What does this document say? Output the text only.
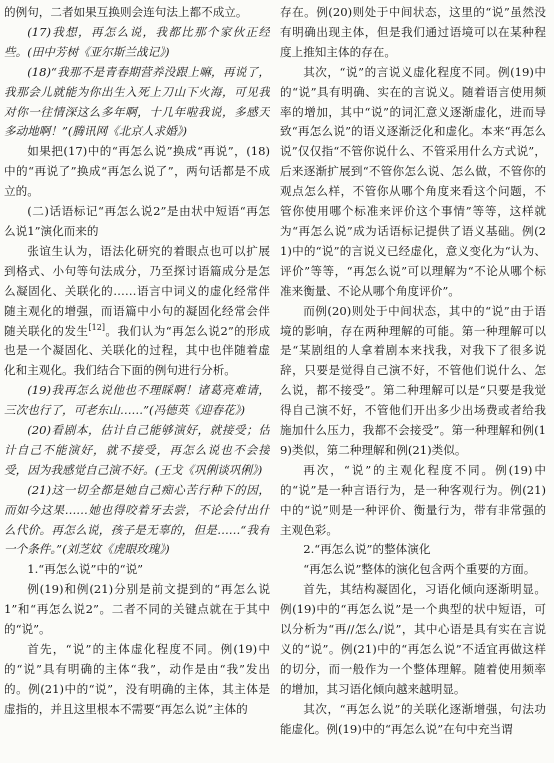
的例句，二者如果互换则会连句法上都不成立。

(17)我想，再怎么说，我都比那个家伙正经些。(田中芳树《亚尔斯兰战记》)

(18)“我那不是青春期营养没跟上嘛，再说了，我那会儿就能为你出生入死上刀山下火海，可见我对你一往情深这么多年啊，十几年啦我说，多感天多动地啊！”(腾讯网《北京人求婚》)

如果把(17)中的“再怎么说”换成“再说”，(18)中的“再说了”换成“再怎么说了”，两句话都是不成立的。

(二)话语标记“再怎么说2”是由状中短语“再怎么说1”演化而来的

张谊生认为，语法化研究的着眼点也可以扩展到格式、小句等句法成分，乃至探讨语篇成分是怎么凝固化、关联化的……语言中词义的虚化经常伴随主观化的增强，而语篇中小句的凝固化经常会伴随关联化的发生[12]。我们认为“再怎么说2”的形成也是一个凝固化、关联化的过程，其中也伴随着虚化和主观化。我们结合下面的例句进行分析。

(19)我再怎么说他也不理睬啊！诸葛亮难请，三次也行了，可老东山……”(冯德英《迎春花》)

(20)看剧本，估计自己能够演好，就接受；估计自己不能演好，就不接受，再怎么说也不会接受，因为我感觉自己演不好。(王戈《巩俐谈巩俐》)

(21)这一切全都是她自己痴心苦行种下的因，而如今这果……她也得咬着牙去尝，不论会付出什么代价。再怎么说，孩子是无辜的，但是……“我有一个条件。”(刘芝妏《虎眼玫瑰》)

1.“再怎么说”中的“说”

例(19)和例(21)分别是前文提到的“再怎么说1”和“再怎么说2”。二者不同的关键点就在于其中的“说”。

首先，“说”的主体虚化程度不同。例(19)中的“说”具有明确的主体“我”，动作是由“我”发出的。例(21)中的“说”，没有明确的主体，其主体是虚指的，并且这里根本不需要“再怎么说”主体的

存在。例(20)则处于中间状态，这里的“说”虽然没有明确出现主体，但是我们通过语境可以在某种程度上推知主体的存在。

其次，“说”的言说义虚化程度不同。例(19)中的“说”具有明确、实在的言说义。随着语言使用频率的增加，其中“说”的词汇意义逐渐虚化，进而导致“再怎么说”的语义逐渐泛化和虚化。本来“再怎么说”仅仅指“不管你说什么、不管采用什么方式说”，后来逐渐扩展到“不管你怎么说、怎么做，不管你的观点怎么样，不管你从哪个角度来看这个问题，不管你使用哪个标准来评价这个事情”等等，这样就为“再怎么说”成为话语标记提供了语义基础。例(21)中的“说”的言说义已经虚化，意义变化为“认为、评价”等等，“再怎么说”可以理解为“不论从哪个标准来衡量、不论从哪个角度评价”。

而例(20)则处于中间状态，其中的“说”由于语境的影响，存在两种理解的可能。第一种理解可以是“某剧组的人拿着剧本来找我，对我下了很多说辞，只要是觉得自己演不好，不管他们说什么、怎么说，都不接受”。第二种理解可以是“只要是我觉得自己演不好，不管他们开出多少出场费或者给我施加什么压力，我都不会接受”。第一种理解和例(19)类似，第二种理解和例(21)类似。

再次，“说”的主观化程度不同。例(19)中的“说”是一种言语行为，是一种客观行为。例(21)中的“说”则是一种评价、衡量行为，带有非常强的主观色彩。

2.“再怎么说”的整体演化

“再怎么说”整体的演化包含两个重要的方面。

首先，其结构凝固化，习语化倾向逐渐明显。例(19)中的“再怎么说”是一个典型的状中短语，可以分析为“再//怎么/说”，其中心语是具有实在言说义的“说”。例(21)中的“再怎么说”不适宜再做这样的切分，而一般作为一个整体理解。随着使用频率的增加，其习语化倾向越来越明显。

其次，“再怎么说”的关联化逐渐增强，句法功能虚化。例(19)中的“再怎么说”在句中充当谓
